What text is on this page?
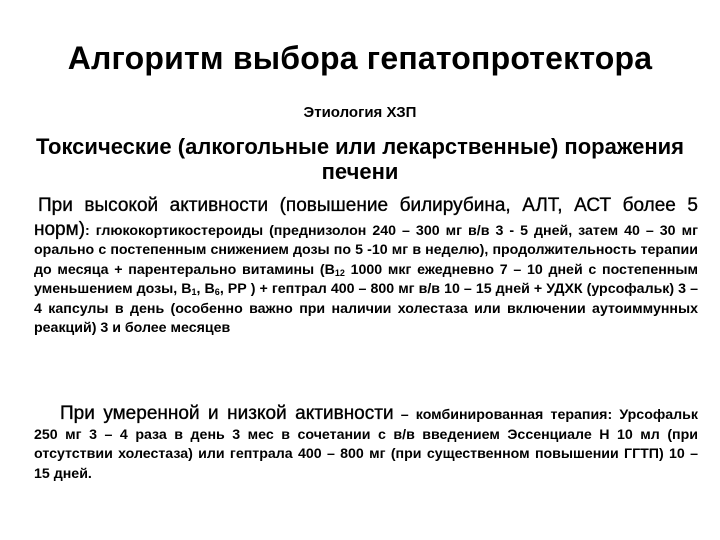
Алгоритм выбора гепатопротектора
Этиология ХЗП
Токсические (алкогольные или лекарственные) поражения печени
При высокой активности (повышение билирубина, АЛТ, АСТ более 5 норм): глюкокортикостероиды (преднизолон 240 – 300 мг в/в 3 - 5 дней, затем 40 – 30 мг орально с постепенным снижением дозы по 5 -10 мг в неделю), продолжительность терапии до месяца + парентерально витамины ($В_{12}$ 1000 мкг ежедневно 7 – 10 дней с постепенным уменьшением дозы, $В_1$, $В_6$, РР ) + гептрал 400 – 800 мг в/в 10 – 15 дней + УДХК (урсофальк) 3 – 4 капсулы в день (особенно важно при наличии холестаза или включении аутоиммунных реакций) 3 и более месяцев
При умеренной и низкой активности – комбинированная терапия: Урсофальк 250 мг 3 – 4 раза в день 3 мес в сочетании с в/в введением Эссенциале Н 10 мл (при отсутствии холестаза) или гептрала 400 – 800 мг (при существенном повышении ГГТП) 10 – 15 дней.
